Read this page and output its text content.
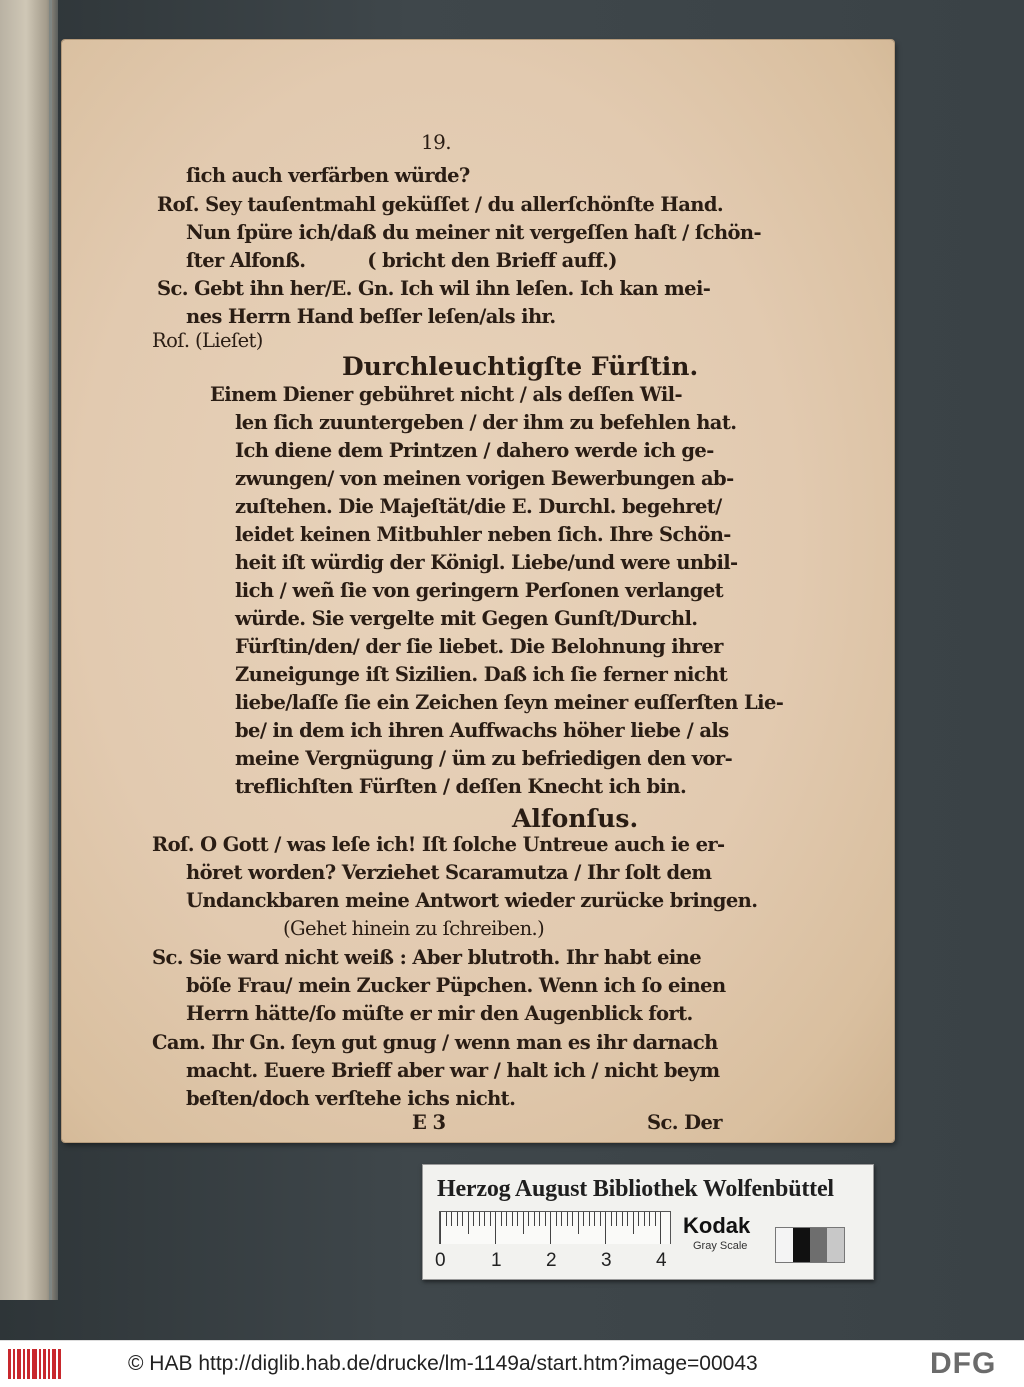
19.
ſich auch verfärben würde?
Roſ. Sey tauſentmahl geküſſet / du allerſchönſte Hand.
Nun ſpüre ich/daß du meiner nit vergeſſen haſt / ſchön-
ſter Alfonß.          ( bricht den Brieff auff.)
Sc. Gebt ihn her/E. Gn. Ich wil ihn leſen. Ich kan mei-
nes Herrn Hand beſſer leſen/als ihr.
Roſ. (Lieſet)
Durchleuchtigſte Fürſtin.
Einem Diener gebühret nicht / als deſſen Wil-
len ſich zuuntergeben / der ihm zu befehlen hat.
Ich diene dem Printzen / dahero werde ich ge-
zwungen/ von meinen vorigen Bewerbungen ab-
zuſtehen. Die Majeſtät/die E. Durchl. begehret/
leidet keinen Mitbuhler neben ſich. Ihre Schön-
heit iſt würdig der Königl. Liebe/und were unbil-
lich / weñ ſie von geringern Perſonen verlanget
würde. Sie vergelte mit Gegen Gunſt/Durchl.
Fürſtin/den/ der ſie liebet. Die Belohnung ihrer
Zuneigunge iſt Sizilien. Daß ich ſie ferner nicht
liebe/laſſe ſie ein Zeichen ſeyn meiner euſſerſten Lie-
be/ in dem ich ihren Auffwachs höher liebe / als
meine Vergnügung / üm zu befriedigen den vor-
treflichſten Fürſten / deſſen Knecht ich bin.
Alfonſus.
Roſ. O Gott / was leſe ich! Iſt ſolche Untreue auch ie er-
höret worden? Verziehet Scaramutza / Ihr ſolt dem
Undanckbaren meine Antwort wieder zurücke bringen.
(Gehet hinein zu ſchreiben.)
Sc. Sie ward nicht weiß : Aber blutroth. Ihr habt eine
böſe Frau/ mein Zucker Püpchen. Wenn ich ſo einen
Herrn hätte/ſo müſte er mir den Augenblick fort.
Cam. Ihr Gn. ſeyn gut gnug / wenn man es ihr darnach
macht. Euere Brieff aber war / halt ich / nicht beym
beſten/doch verſtehe ichs nicht.
E 3	Sc. Der
Herzog August Bibliothek Wolfenbüttel
0 1 2 3 4
Kodak
Gray Scale
© HAB http://diglib.hab.de/drucke/lm-1149a/start.htm?image=00043	DFG
